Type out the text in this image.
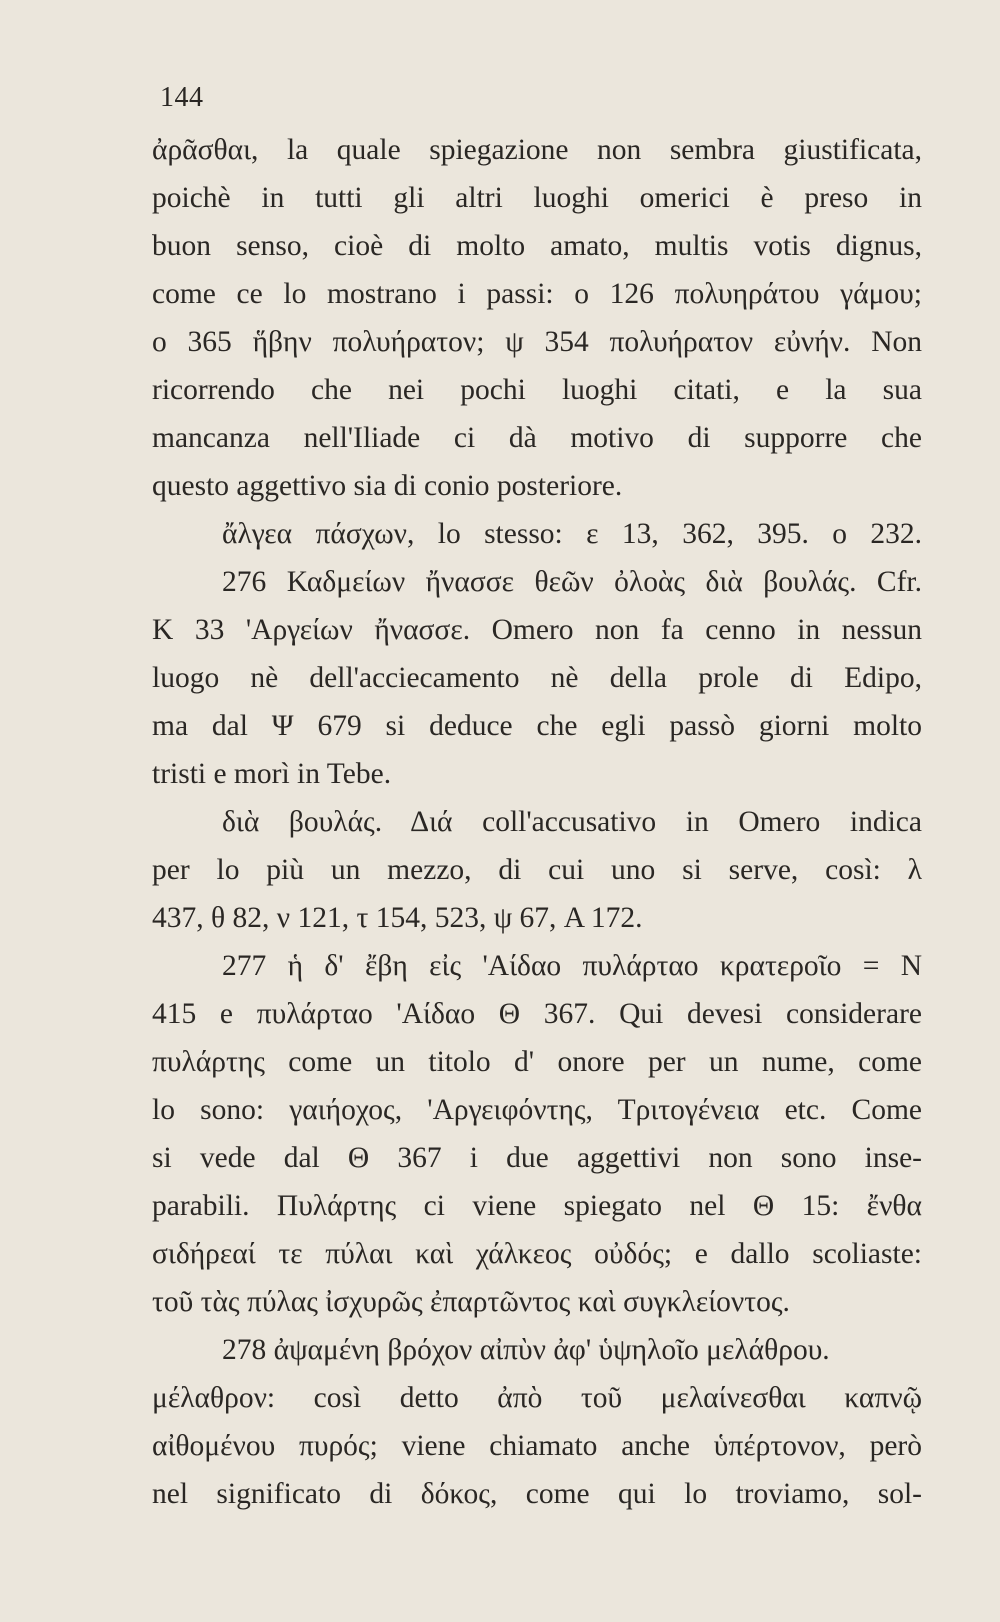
144
ἀρᾶσθαι, la quale spiegazione non sembra giustificata,
poichè in tutti gli altri luoghi omerici è preso in
buon senso, cioè di molto amato, multis votis dignus,
come ce lo mostrano i passi: ο 126 πολυηράτου γάμου;
ο 365 ἥβην πολυήρατον; ψ 354 πολυήρατον εὐνήν. Non
ricorrendo che nei pochi luoghi citati, e la sua
mancanza nell'Iliade ci dà motivo di supporre che
questo aggettivo sia di conio posteriore.
ἄλγεα πάσχων, lo stesso: ε 13, 362, 395. ο 232.
276 Καδμείων ἤνασσε θεῶν ὀλοὰς διὰ βουλάς. Cfr.
K 33 'Αργείων ἤνασσε. Omero non fa cenno in nessun
luogo nè dell'acciecamento nè della prole di Edipo,
ma dal Ψ 679 si deduce che egli passò giorni molto
tristi e morì in Tebe.
διὰ βουλάς. Διά coll'accusativo in Omero indica
per lo più un mezzo, di cui uno si serve, così: λ
437, θ 82, ν 121, τ 154, 523, ψ 67, A 172.
277 ἡ δ' ἔβη εἰς 'Αίδαο πυλάρταο κρατεροῖο = N
415 e πυλάρταο 'Αίδαο Θ 367. Qui devesi considerare
πυλάρτης come un titolo d' onore per un nume, come
lo sono: γαιήοχος, 'Αργειφόντης, Τριτογένεια etc. Come
si vede dal Θ 367 i due aggettivi non sono inse-
parabili. Πυλάρτης ci viene spiegato nel Θ 15: ἔνθα
σιδήρεαί τε πύλαι καὶ χάλκεος οὐδός; e dallo scoliaste:
τοῦ τὰς πύλας ἰσχυρῶς ἐπαρτῶντος καὶ συγκλείοντος.
278 ἀψαμένη βρόχον αἰπὺν ἀφ' ὑψηλοῖο μελάθρου.
μέλαθρον: così detto ἀπὸ τοῦ μελαίνεσθαι καπνῷ
αἰθομένου πυρός; viene chiamato anche ὑπέρτονον, però
nel significato di δόκος, come qui lo troviamo, sol-
